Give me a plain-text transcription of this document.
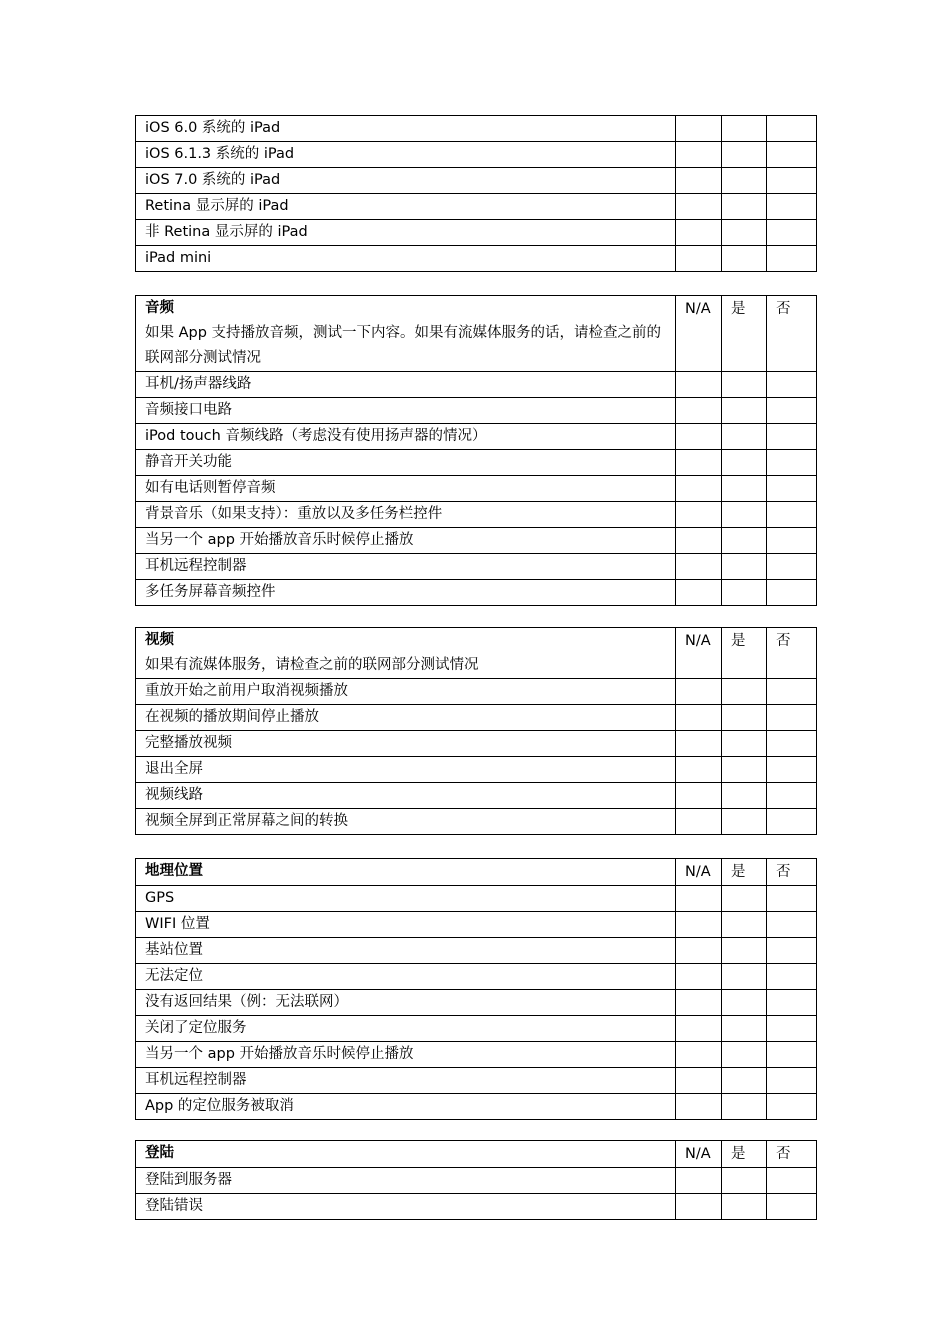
iOS 6.0 系统的 iPad			
iOS 6.1.3 系统的 iPad			
iOS 7.0 系统的 iPad			
Retina 显示屏的 iPad			
非 Retina 显示屏的 iPad			
iPad mini			
音频
如果 App 支持播放音频，测试一下内容。如果有流媒体服务的话，请检查之前的联网部分测试情况	N/A	是	否
耳机/扬声器线路			
音频接口电路			
iPod touch 音频线路（考虑没有使用扬声器的情况）			
静音开关功能			
如有电话则暂停音频			
背景音乐（如果支持）：重放以及多任务栏控件			
当另一个 app 开始播放音乐时候停止播放			
耳机远程控制器			
多任务屏幕音频控件			
视频
如果有流媒体服务，请检查之前的联网部分测试情况	N/A	是	否
重放开始之前用户取消视频播放			
在视频的播放期间停止播放			
完整播放视频			
退出全屏			
视频线路			
视频全屏到正常屏幕之间的转换			
地理位置	N/A	是	否
GPS			
WIFI 位置			
基站位置			
无法定位			
没有返回结果（例：无法联网）			
关闭了定位服务			
当另一个 app 开始播放音乐时候停止播放			
耳机远程控制器			
App 的定位服务被取消			
登陆	N/A	是	否
登陆到服务器			
登陆错误			
